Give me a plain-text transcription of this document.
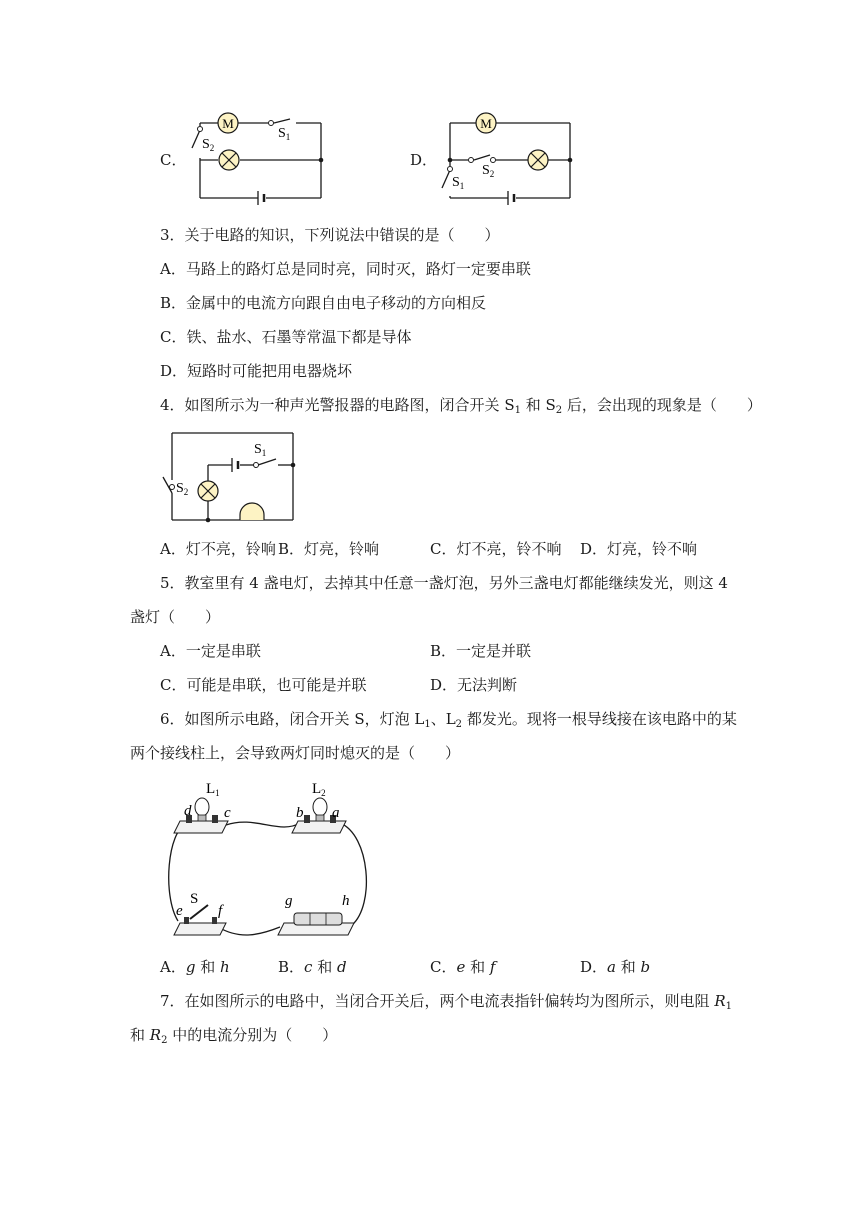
C．
M
$S_1$
$S_2$
D．
M
$S_2$
$S_1$
3．关于电路的知识，下列说法中错误的是（　　）
A．马路上的路灯总是同时亮，同时灭，路灯一定要串联
B．金属中的电流方向跟自由电子移动的方向相反
C．铁、盐水、石墨等常温下都是导体
D．短路时可能把用电器烧坏
4．如图所示为一种声光警报器的电路图，闭合开关 $S_1$ 和 $S_2$ 后，会出现的现象是（　　）
$S_1$
$S_2$
A．灯不亮，铃响 B．灯亮，铃响	C．灯不亮，铃不响 D．灯亮，铃不响
5．教室里有 4 盏电灯，去掉其中任意一盏灯泡，另外三盏电灯都能继续发光，则这 4
盏灯（　　）
A．一定是串联	B．一定是并联
C．可能是串联，也可能是并联	D．无法判断
6．如图所示电路，闭合开关 S，灯泡 $L_1$、$L_2$ 都发光。现将一根导线接在该电路中的某
两个接线柱上，会导致两灯同时熄灭的是（　　）
$L_1$	$L_2$
d c	b a
S
e f
g	h
A．g 和 h	B．c 和 d	C．e 和 f	D．a 和 b
7．在如图所示的电路中，当闭合开关后，两个电流表指针偏转均为图所示，则电阻 $R_1$
和 $R_2$ 中的电流分别为（　　）
